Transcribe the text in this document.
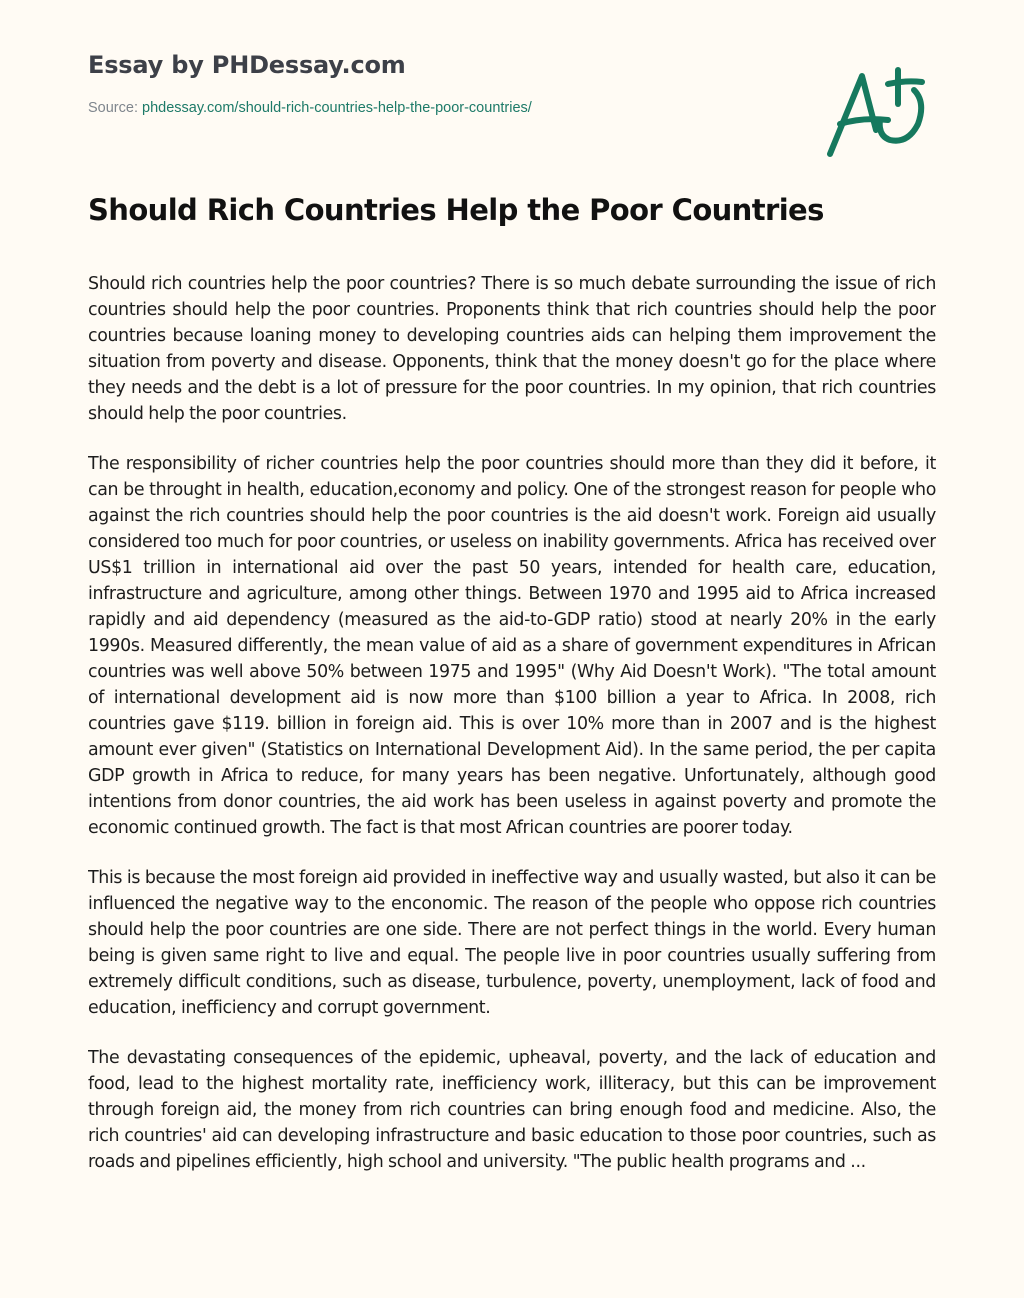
Essay by PHDessay.com
Source: phdessay.com/should-rich-countries-help-the-poor-countries/
Should Rich Countries Help the Poor Countries

Should rich countries help the poor countries? There is so much debate surrounding the issue of rich countries should help the poor countries. Proponents think that rich countries should help the poor countries because loaning money to developing countries aids can helping them improvement the situation from poverty and disease. Opponents, think that the money doesn't go for the place where they needs and the debt is a lot of pressure for the poor countries. In my opinion, that rich countries should help the poor countries.

The responsibility of richer countries help the poor countries should more than they did it before, it can be throught in health, education,economy and policy. One of the strongest reason for people who against the rich countries should help the poor countries is the aid doesn't work. Foreign aid usually considered too much for poor countries, or useless on inability governments. Africa has received over US$1 trillion in international aid over the past 50 years, intended for health care, education, infrastructure and agriculture, among other things. Between 1970 and 1995 aid to Africa increased rapidly and aid dependency (measured as the aid-to-GDP ratio) stood at nearly 20% in the early 1990s. Measured differently, the mean value of aid as a share of government expenditures in African countries was well above 50% between 1975 and 1995" (Why Aid Doesn't Work). "The total amount of international development aid is now more than $100 billion a year to Africa. In 2008, rich countries gave $119. billion in foreign aid. This is over 10% more than in 2007 and is the highest amount ever given" (Statistics on International Development Aid). In the same period, the per capita GDP growth in Africa to reduce, for many years has been negative. Unfortunately, although good intentions from donor countries, the aid work has been useless in against poverty and promote the economic continued growth. The fact is that most African countries are poorer today.

This is because the most foreign aid provided in ineffective way and usually wasted, but also it can be influenced the negative way to the enconomic. The reason of the people who oppose rich countries should help the poor countries are one side. There are not perfect things in the world. Every human being is given same right to live and equal. The people live in poor countries usually suffering from extremely difficult conditions, such as disease, turbulence, poverty, unemployment, lack of food and education, inefficiency and corrupt government.

The devastating consequences of the epidemic, upheaval, poverty, and the lack of education and food, lead to the highest mortality rate, inefficiency work, illiteracy, but this can be improvement through foreign aid, the money from rich countries can bring enough food and medicine. Also, the rich countries' aid can developing infrastructure and basic education to those poor countries, such as roads and pipelines efficiently, high school and university. "The public health programs and ...
